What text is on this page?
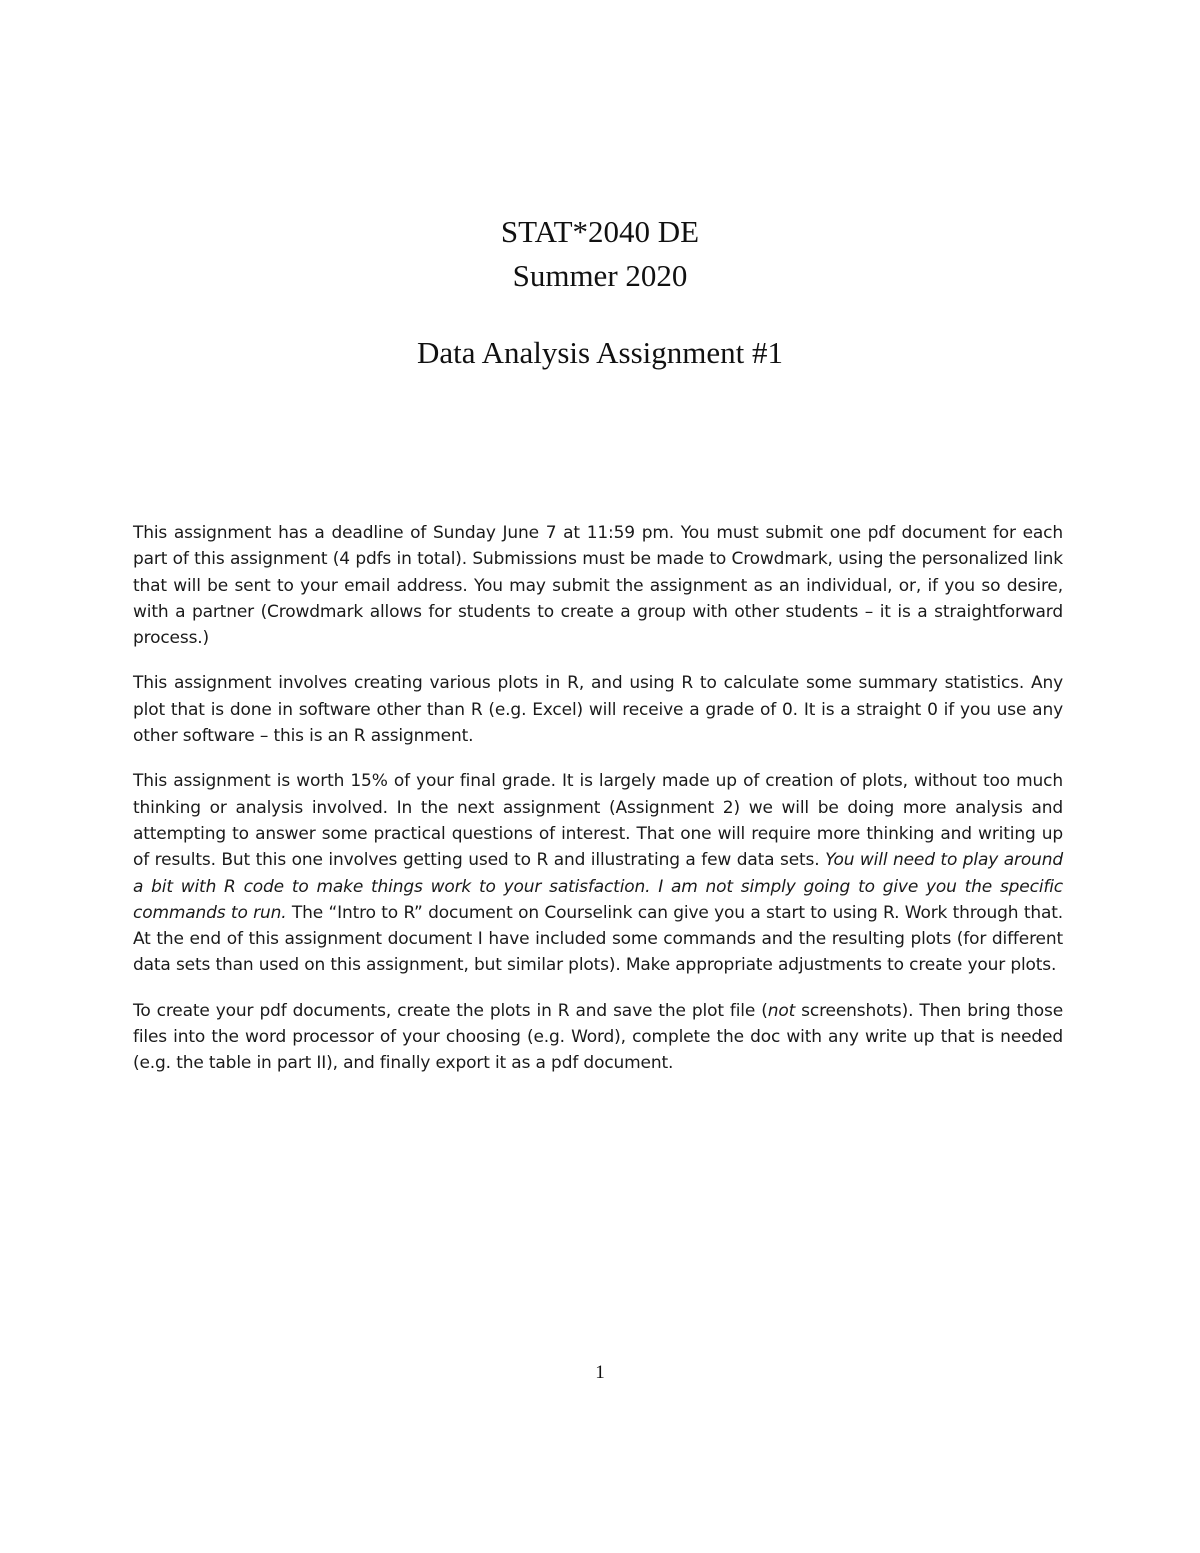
STAT*2040 DE
Summer 2020
Data Analysis Assignment #1

This assignment has a deadline of Sunday June 7 at 11:59 pm. You must submit one pdf document for each part of this assignment (4 pdfs in total). Submissions must be made to Crowdmark, using the personalized link that will be sent to your email address. You may submit the assignment as an individual, or, if you so desire, with a partner (Crowdmark allows for students to create a group with other students – it is a straightforward process.)

This assignment involves creating various plots in R, and using R to calculate some summary statistics. Any plot that is done in software other than R (e.g. Excel) will receive a grade of 0. It is a straight 0 if you use any other software – this is an R assignment.

This assignment is worth 15% of your final grade. It is largely made up of creation of plots, without too much thinking or analysis involved. In the next assignment (Assignment 2) we will be doing more analysis and attempting to answer some practical questions of interest. That one will require more thinking and writing up of results. But this one involves getting used to R and illustrating a few data sets. You will need to play around a bit with R code to make things work to your satisfaction. I am not simply going to give you the specific commands to run. The “Intro to R” document on Courselink can give you a start to using R. Work through that. At the end of this assignment document I have included some commands and the resulting plots (for different data sets than used on this assignment, but similar plots). Make appropriate adjustments to create your plots.

To create your pdf documents, create the plots in R and save the plot file (not screenshots). Then bring those files into the word processor of your choosing (e.g. Word), complete the doc with any write up that is needed (e.g. the table in part II), and finally export it as a pdf document.

1
